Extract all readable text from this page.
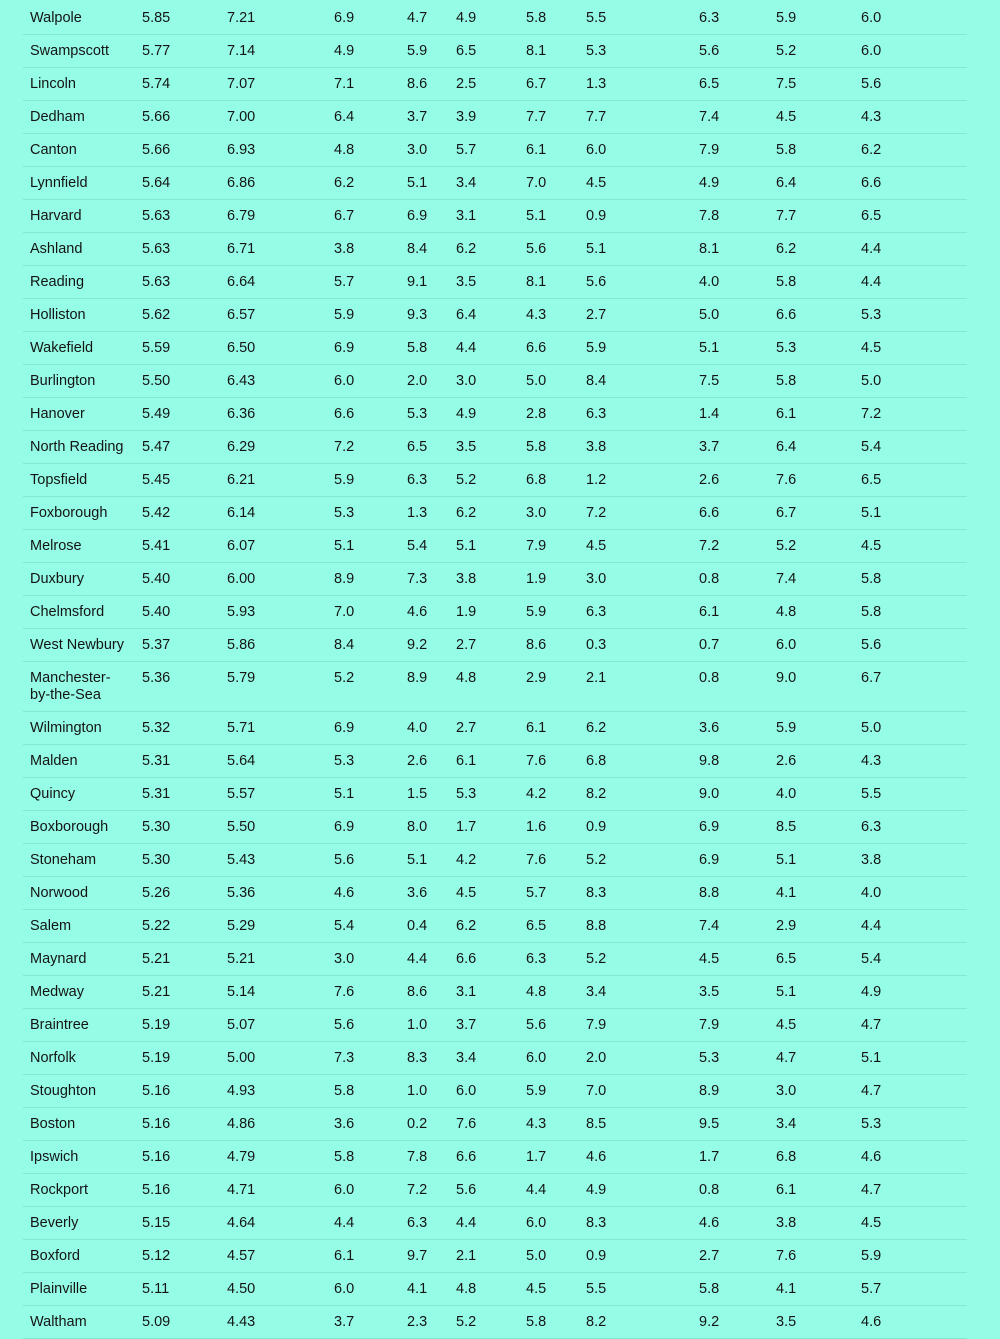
Walpole	5.85	7.21	6.9	4.7	4.9	5.8	5.5	6.3	5.9	6.0
Swampscott	5.77	7.14	4.9	5.9	6.5	8.1	5.3	5.6	5.2	6.0
Lincoln	5.74	7.07	7.1	8.6	2.5	6.7	1.3	6.5	7.5	5.6
Dedham	5.66	7.00	6.4	3.7	3.9	7.7	7.7	7.4	4.5	4.3
Canton	5.66	6.93	4.8	3.0	5.7	6.1	6.0	7.9	5.8	6.2
Lynnfield	5.64	6.86	6.2	5.1	3.4	7.0	4.5	4.9	6.4	6.6
Harvard	5.63	6.79	6.7	6.9	3.1	5.1	0.9	7.8	7.7	6.5
Ashland	5.63	6.71	3.8	8.4	6.2	5.6	5.1	8.1	6.2	4.4
Reading	5.63	6.64	5.7	9.1	3.5	8.1	5.6	4.0	5.8	4.4
Holliston	5.62	6.57	5.9	9.3	6.4	4.3	2.7	5.0	6.6	5.3
Wakefield	5.59	6.50	6.9	5.8	4.4	6.6	5.9	5.1	5.3	4.5
Burlington	5.50	6.43	6.0	2.0	3.0	5.0	8.4	7.5	5.8	5.0
Hanover	5.49	6.36	6.6	5.3	4.9	2.8	6.3	1.4	6.1	7.2
North Reading	5.47	6.29	7.2	6.5	3.5	5.8	3.8	3.7	6.4	5.4
Topsfield	5.45	6.21	5.9	6.3	5.2	6.8	1.2	2.6	7.6	6.5
Foxborough	5.42	6.14	5.3	1.3	6.2	3.0	7.2	6.6	6.7	5.1
Melrose	5.41	6.07	5.1	5.4	5.1	7.9	4.5	7.2	5.2	4.5
Duxbury	5.40	6.00	8.9	7.3	3.8	1.9	3.0	0.8	7.4	5.8
Chelmsford	5.40	5.93	7.0	4.6	1.9	5.9	6.3	6.1	4.8	5.8
West Newbury	5.37	5.86	8.4	9.2	2.7	8.6	0.3	0.7	6.0	5.6
Manchester-
by-the-Sea	5.36	5.79	5.2	8.9	4.8	2.9	2.1	0.8	9.0	6.7
Wilmington	5.32	5.71	6.9	4.0	2.7	6.1	6.2	3.6	5.9	5.0
Malden	5.31	5.64	5.3	2.6	6.1	7.6	6.8	9.8	2.6	4.3
Quincy	5.31	5.57	5.1	1.5	5.3	4.2	8.2	9.0	4.0	5.5
Boxborough	5.30	5.50	6.9	8.0	1.7	1.6	0.9	6.9	8.5	6.3
Stoneham	5.30	5.43	5.6	5.1	4.2	7.6	5.2	6.9	5.1	3.8
Norwood	5.26	5.36	4.6	3.6	4.5	5.7	8.3	8.8	4.1	4.0
Salem	5.22	5.29	5.4	0.4	6.2	6.5	8.8	7.4	2.9	4.4
Maynard	5.21	5.21	3.0	4.4	6.6	6.3	5.2	4.5	6.5	5.4
Medway	5.21	5.14	7.6	8.6	3.1	4.8	3.4	3.5	5.1	4.9
Braintree	5.19	5.07	5.6	1.0	3.7	5.6	7.9	7.9	4.5	4.7
Norfolk	5.19	5.00	7.3	8.3	3.4	6.0	2.0	5.3	4.7	5.1
Stoughton	5.16	4.93	5.8	1.0	6.0	5.9	7.0	8.9	3.0	4.7
Boston	5.16	4.86	3.6	0.2	7.6	4.3	8.5	9.5	3.4	5.3
Ipswich	5.16	4.79	5.8	7.8	6.6	1.7	4.6	1.7	6.8	4.6
Rockport	5.16	4.71	6.0	7.2	5.6	4.4	4.9	0.8	6.1	4.7
Beverly	5.15	4.64	4.4	6.3	4.4	6.0	8.3	4.6	3.8	4.5
Boxford	5.12	4.57	6.1	9.7	2.1	5.0	0.9	2.7	7.6	5.9
Plainville	5.11	4.50	6.0	4.1	4.8	4.5	5.5	5.8	4.1	5.7
Waltham	5.09	4.43	3.7	2.3	5.2	5.8	8.2	9.2	3.5	4.6
